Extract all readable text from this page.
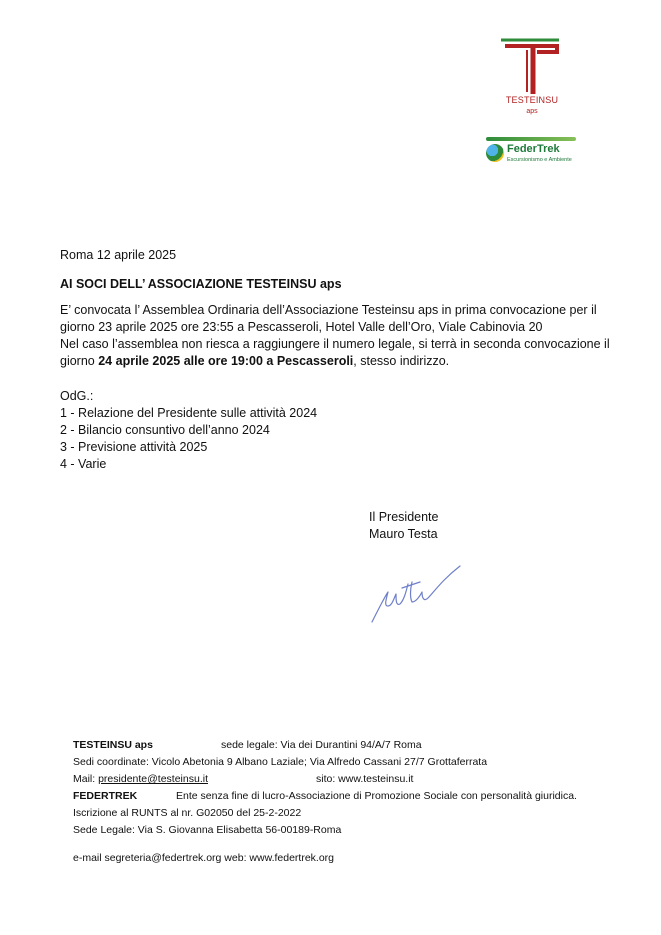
TESTEINSU
aps
FederTrek
Escursionismo e Ambiente
Roma 12 aprile 2025
AI SOCI DELL’ ASSOCIAZIONE TESTEINSU aps
E’ convocata l’ Assemblea Ordinaria dell’Associazione Testeinsu aps in prima convocazione per il
giorno 23 aprile 2025 ore 23:55 a Pescasseroli, Hotel Valle dell’Oro, Viale Cabinovia 20
Nel caso l’assemblea non riesca a raggiungere il numero legale, si terrà in seconda convocazione il
giorno 24 aprile 2025 alle ore 19:00 a Pescasseroli, stesso indirizzo.
OdG.:
1 - Relazione del Presidente sulle attività 2024
2 - Bilancio consuntivo dell’anno 2024
3 - Previsione attività 2025
4 - Varie
Il Presidente
Mauro Testa
TESTEINSU aps	sede legale: Via dei Durantini 94/A/7 Roma
Sedi coordinate: Vicolo Abetonia 9 Albano Laziale; Via Alfredo Cassani 27/7 Grottaferrata
Mail: presidente@testeinsu.it	sito: www.testeinsu.it
FEDERTREK	Ente senza fine di lucro-Associazione di Promozione Sociale con personalità giuridica.
Iscrizione al RUNTS al nr. G02050 del 25-2-2022
Sede Legale: Via S. Giovanna Elisabetta 56-00189-Roma
e-mail segreteria@federtrek.org web: www.federtrek.org
